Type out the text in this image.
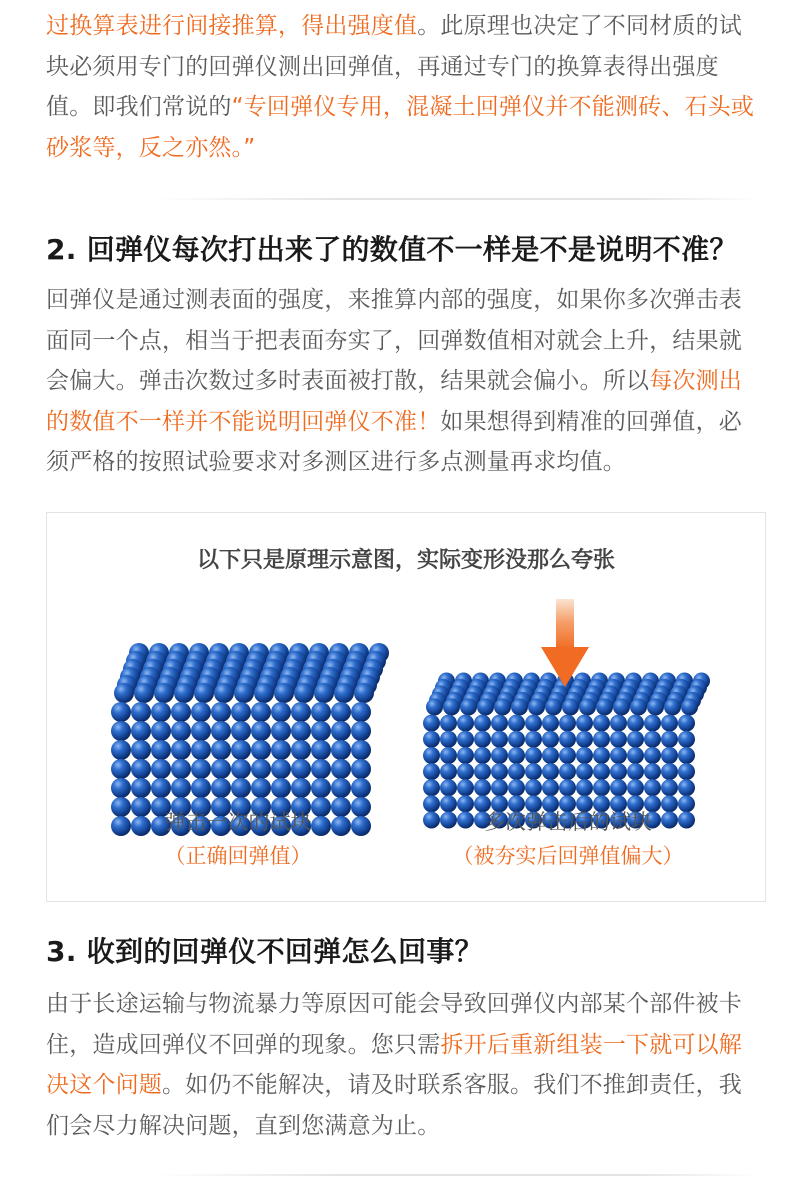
过换算表进行间接推算，得出强度值。此原理也决定了不同材质的试块必须用专门的回弹仪测出回弹值，再通过专门的换算表得出强度值。即我们常说的“专回弹仪专用，混凝土回弹仪并不能测砖、石头或砂浆等，反之亦然。”
2. 回弹仪每次打出来了的数值不一样是不是说明不准？
回弹仪是通过测表面的强度，来推算内部的强度，如果你多次弹击表面同一个点，相当于把表面夯实了，回弹数值相对就会上升，结果就会偏大。弹击次数过多时表面被打散，结果就会偏小。所以每次测出的数值不一样并不能说明回弹仪不准！如果想得到精准的回弹值，必须严格的按照试验要求对多测区进行多点测量再求均值。
以下只是原理示意图，实际变形没那么夸张
弹击一次的试块
（正确回弹值）
多次弹击后的试块
（被夯实后回弹值偏大）
3. 收到的回弹仪不回弹怎么回事？
由于长途运输与物流暴力等原因可能会导致回弹仪内部某个部件被卡住，造成回弹仪不回弹的现象。您只需拆开后重新组装一下就可以解决这个问题。如仍不能解决，请及时联系客服。我们不推卸责任，我们会尽力解决问题，直到您满意为止。
